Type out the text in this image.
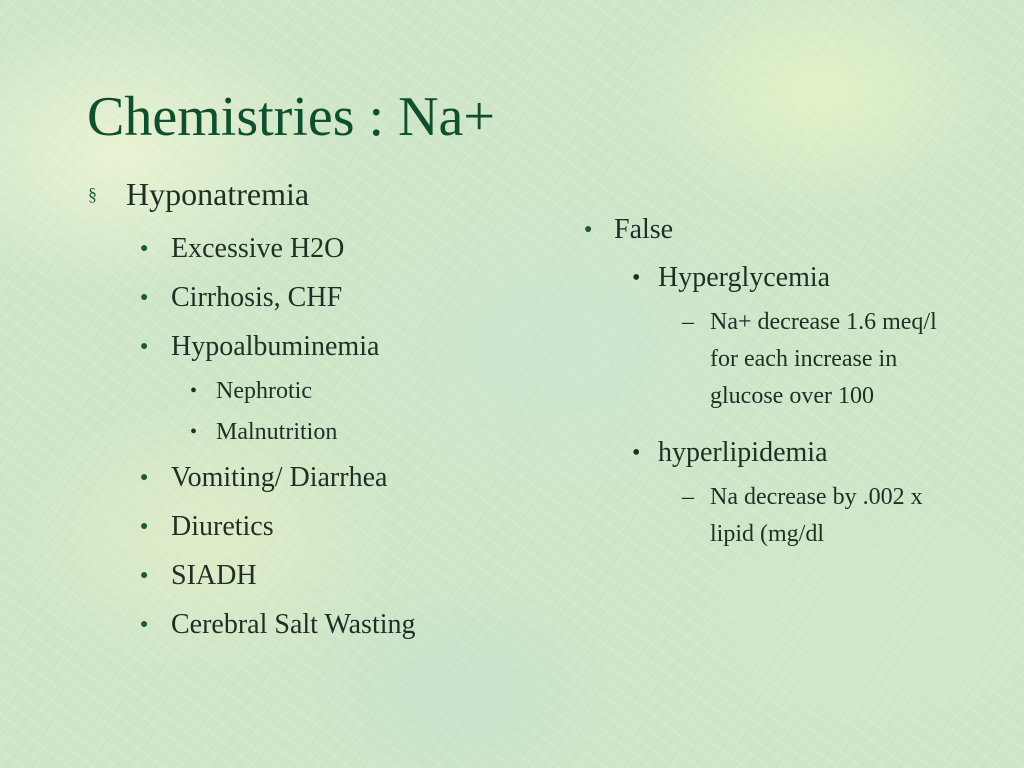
Chemistries : Na+
§ Hyponatremia
● Excessive H2O
● Cirrhosis, CHF
● Hypoalbuminemia
• Nephrotic
• Malnutrition
● Vomiting/ Diarrhea
● Diuretics
● SIADH
● Cerebral Salt Wasting
● False
• Hyperglycemia
– Na+ decrease 1.6 meq/l for each increase in glucose over 100
• hyperlipidemia
– Na decrease by .002 x lipid (mg/dl
